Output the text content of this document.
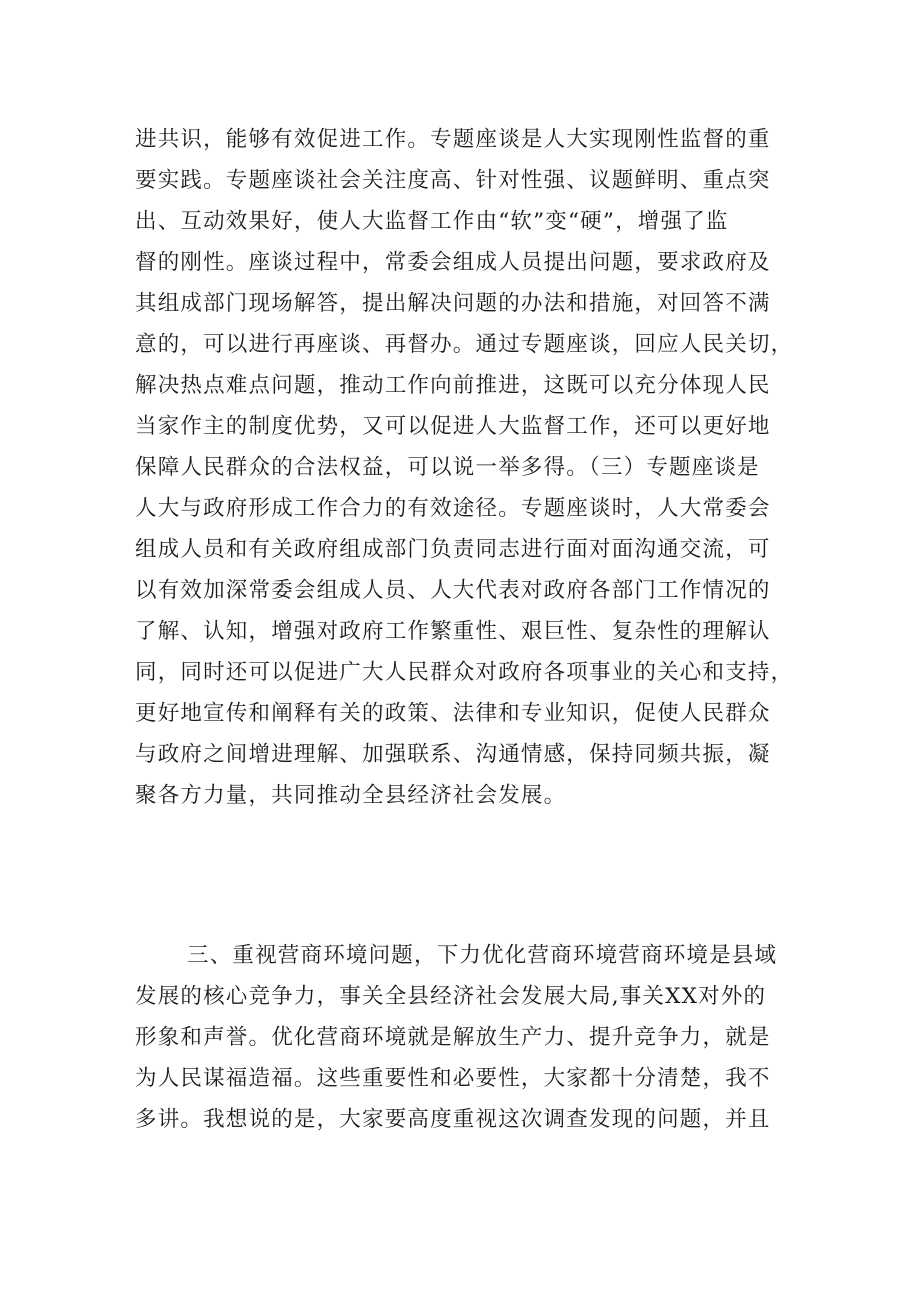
进共识，能够有效促进工作。专题座谈是人大实现刚性监督的重
要实践。专题座谈社会关注度高、针对性强、议题鲜明、重点突
出、互动效果好，使人大监督工作由“软”变“硬”，增强了监
督的刚性。座谈过程中，常委会组成人员提出问题，要求政府及
其组成部门现场解答，提出解决问题的办法和措施，对回答不满
意的，可以进行再座谈、再督办。通过专题座谈，回应人民关切，
解决热点难点问题，推动工作向前推进，这既可以充分体现人民
当家作主的制度优势，又可以促进人大监督工作，还可以更好地
保障人民群众的合法权益，可以说一举多得。（三）专题座谈是
人大与政府形成工作合力的有效途径。专题座谈时，人大常委会
组成人员和有关政府组成部门负责同志进行面对面沟通交流，可
以有效加深常委会组成人员、人大代表对政府各部门工作情况的
了解、认知，增强对政府工作繁重性、艰巨性、复杂性的理解认
同，同时还可以促进广大人民群众对政府各项事业的关心和支持，
更好地宣传和阐释有关的政策、法律和专业知识，促使人民群众
与政府之间增进理解、加强联系、沟通情感，保持同频共振，凝
聚各方力量，共同推动全县经济社会发展。
三、重视营商环境问题，下力优化营商环境营商环境是县域
发展的核心竞争力，事关全县经济社会发展大局,事关XX对外的
形象和声誉。优化营商环境就是解放生产力、提升竞争力，就是
为人民谋福造福。这些重要性和必要性，大家都十分清楚，我不
多讲。我想说的是，大家要高度重视这次调查发现的问题，并且
